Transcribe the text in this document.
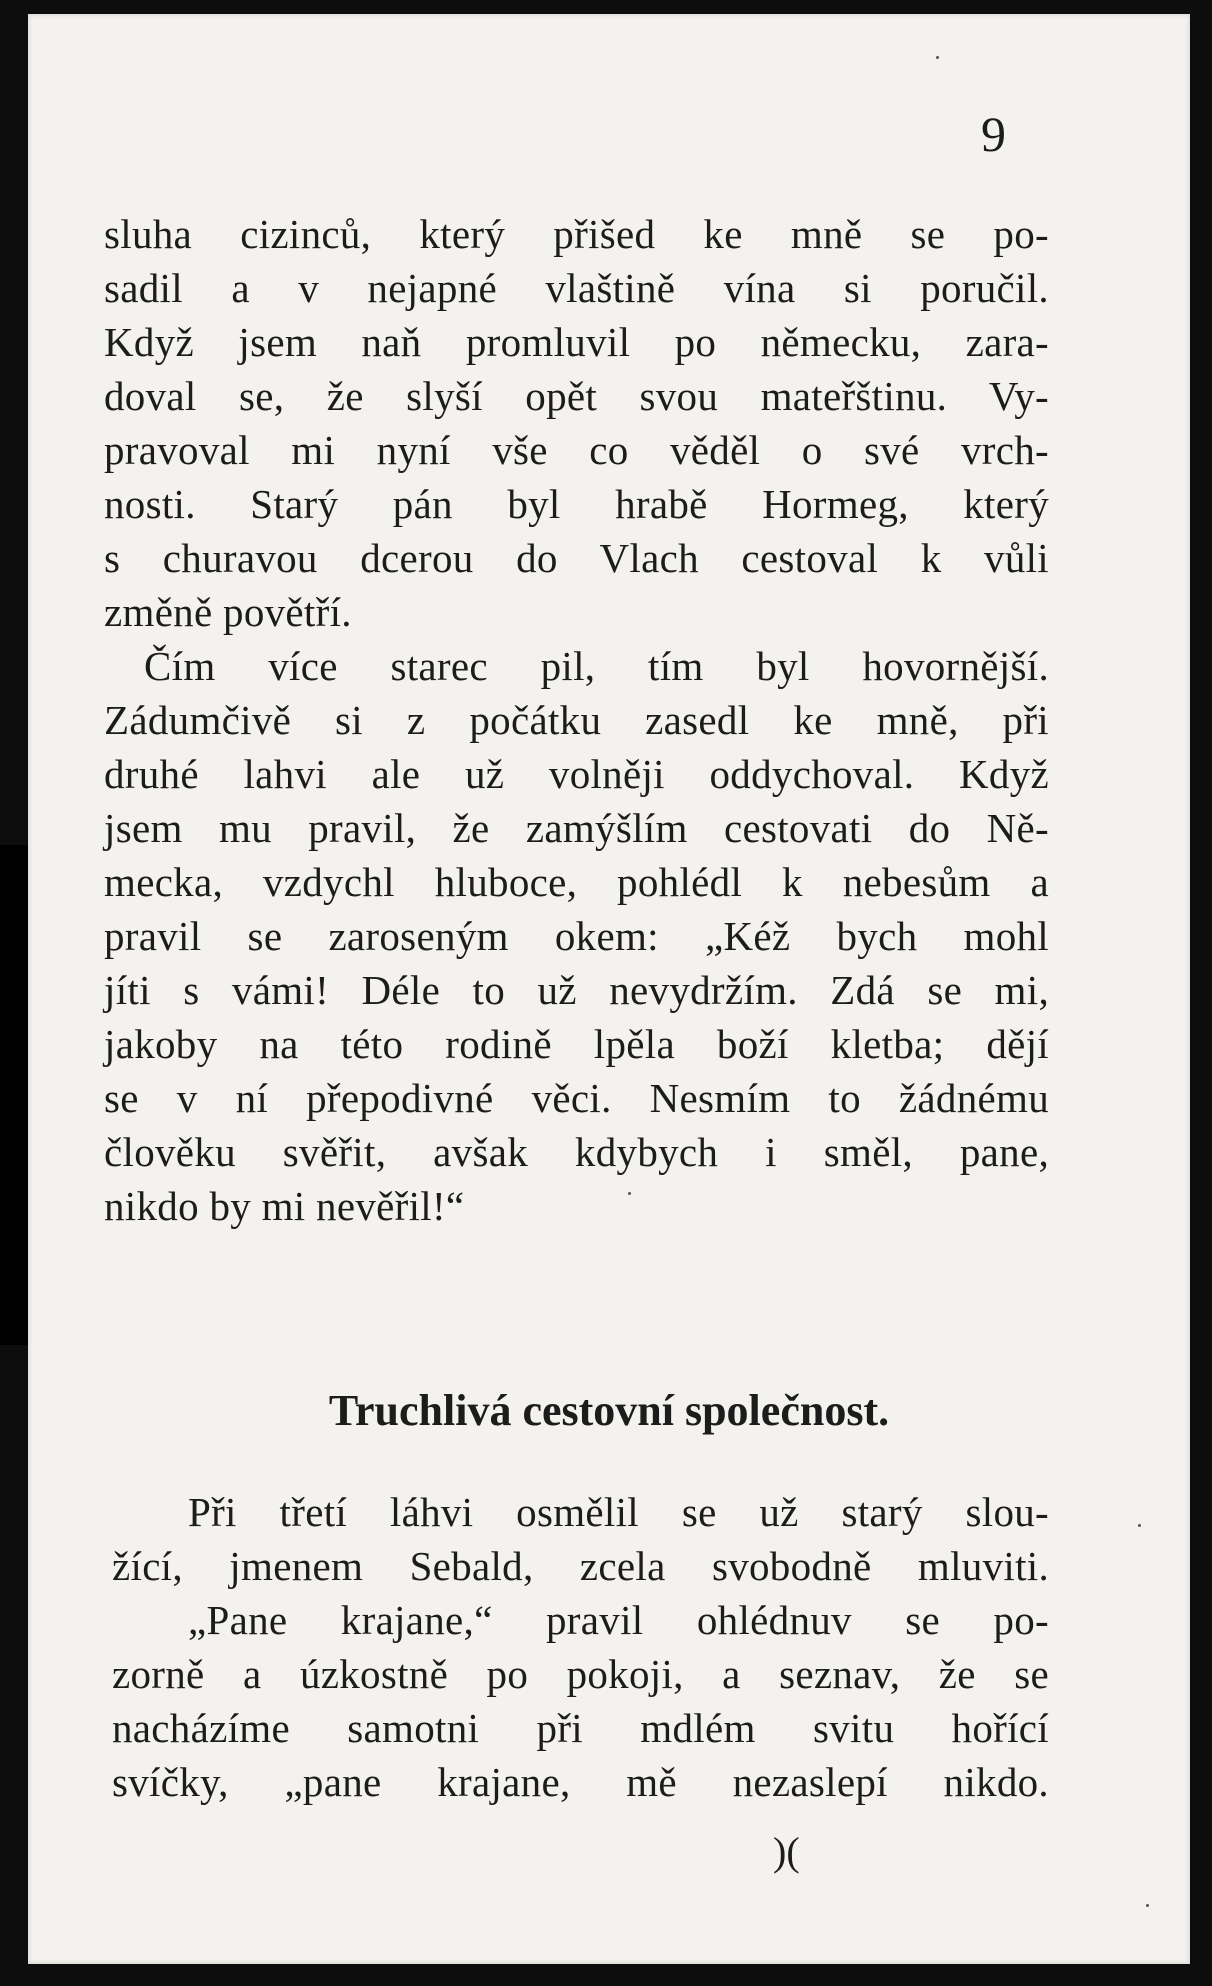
9
sluha cizinců, který přišed ke mně se po-
sadil a v nejapné vlaštině vína si poručil.
Když jsem naň promluvil po německu, zara-
doval se, že slyší opět svou mateřštinu. Vy-
pravoval mi nyní vše co věděl o své vrch-
nosti. Starý pán byl hrabě Hormeg, který
s churavou dcerou do Vlach cestoval k vůli
změně povětří.
Čím více starec pil, tím byl hovornější.
Zádumčivě si z počátku zasedl ke mně, při
druhé lahvi ale už volněji oddychoval. Když
jsem mu pravil, že zamýšlím cestovati do Ně-
mecka, vzdychl hluboce, pohlédl k nebesům a
pravil se zaroseným okem: „Kéž bych mohl
jíti s vámi! Déle to už nevydržím. Zdá se mi,
jakoby na této rodině lpěla boží kletba; dějí
se v ní přepodivné věci. Nesmím to žádnému
člověku svěřit, avšak kdybych i směl, pane,
nikdo by mi nevěřil!“
Truchlivá cestovní společnost.
Při třetí láhvi osmělil se už starý slou-
žící, jmenem Sebald, zcela svobodně mluviti.
„Pane krajane,“ pravil ohlédnuv se po-
zorně a úzkostně po pokoji, a seznav, že se
nacházíme samotni při mdlém svitu hořící
svíčky, „pane krajane, mě nezaslepí nikdo.
)(
